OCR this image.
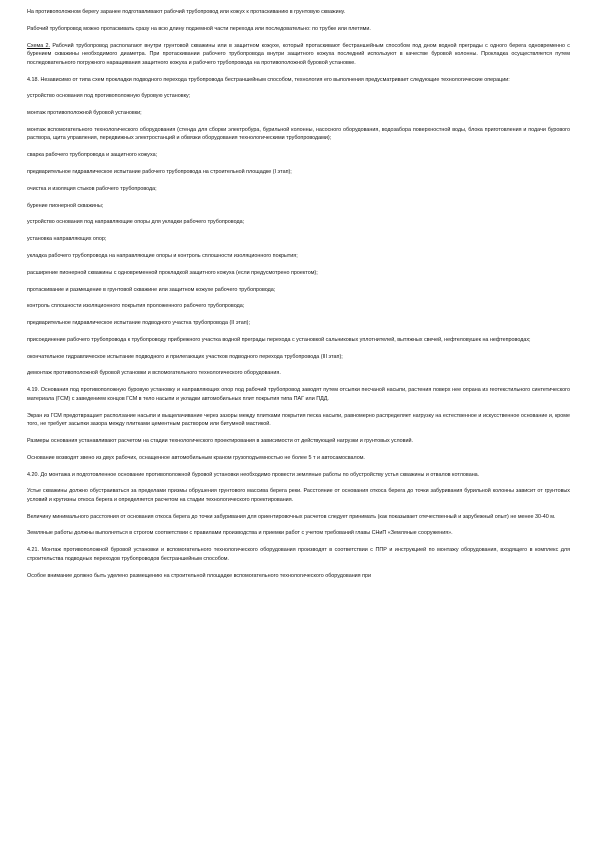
На противоположном берегу заранее подготавливают рабочий трубопровод или кожух к протаскиванию в грунтовую скважину.

Рабочий трубопровод можно протаскивать сразу на всю длину подземной части перехода или последовательно: по трубке или плетями.

Схема 2. Рабочий трубопровод располагают внутри грунтовой скважины или в защитном кожухе, который протаскивают бестраншейным способом под дном водной преграды с одного берега одновременно с бурением скважины необходимого диаметра. При протаскивании рабочего трубопровода внутри защитного кожуха последний используют в качестве буровой колонны. Прокладка осуществляется путем последовательного погружного наращивания защитного кожуха и рабочего трубопровода на противоположной буровой установке.

4.18. Независимо от типа схем прокладки подводного перехода трубопровода бестраншейным способом, технология его выполнения предусматривает следующие технологические операции:

устройство основания под противоположную буровую установку;

монтаж противоположной буровой установки;

монтаж вспомогательного технологического оборудования (стенда для сборки электробура, бурильной колонны, насосного оборудования, водозабора поверхностной воды, блока приготовления и подачи бурового раствора, щита управления, передвижных электростанций и обвязки оборудования технологическими трубопроводами);

сварка рабочего трубопровода и защитного кожуха;

предварительное гидравлическое испытание рабочего трубопровода на строительной площадке (I этап);

очистка и изоляция стыков рабочего трубопровода;

бурение пионерной скважины;

устройство основания под направляющие опоры для укладки рабочего трубопровода;

установка направляющих опор;

укладка рабочего трубопровода на направляющие опоры и контроль сплошности изоляционного покрытия;

расширение пионерной скважины с одновременной прокладкой защитного кожуха (если предусмотрено проектом);

протаскивание и размещение в грунтовой скважине или защитном кожухе рабочего трубопровода;

контроль сплошности изоляционного покрытия проложенного рабочего трубопровода;

предварительное гидравлическое испытание подводного участка трубопровода (II этап);

присоединение рабочего трубопровода к трубопроводу прибрежного участка водной преграды перехода с установкой сальниковых уплотнителей, вытяжных свечей, нефтеловушек на нефтепроводах;

окончательное гидравлическое испытание подводного и прилегающих участков подводного перехода трубопровода (III этап);

демонтаж противоположной буровой установки и вспомогательного технологического оборудования.

4.19. Основания под противоположную буровую установку и направляющих опор под рабочий трубопровод заводят путем отсыпки песчаной насыпи, растения поверх нее опрана из геотекстильного синтетического материала (ГСМ) с заведением концов ГСМ в тело насыпи и укладки автомобильных плит покрытия типа ПАГ или ПДД.

Экран из ГСМ предотвращает расползание насыпи и выщелачивание через зазоры между плитками покрытия песка насыпи, равномерно распределяет нагрузку на естественное и искусственное основание и, кроме того, не требует засыпки зазора между плитками цементным раствором или битумной мастикой.

Размеры основания устанавливают расчетом на стадии технологического проектирования в зависимости от действующей нагрузки и грунтовых условий.

Основание возводят звено из двух рабочих, оснащенное автомобильным краном грузоподъемностью не более 5 т и автосамосвалом.

4.20. До монтажа и подготовленное основание противоположной буровой установки необходимо провести земляные работы по обустройству устья скважины и отвалов котлована.

Устье скважины должно обустраиваться за пределами призмы обрушения грунтового массива берега реки. Расстояние от основания откоса берега до точки забуривания бурильной колонны зависит от грунтовых условий и крутизны откоса берега и определяется расчетом на стадии технологического проектирования.

Величину минимального расстояния от основания откоса берега до точки забуривания для ориентировочных расчетов следует принимать (как показывает отечественный и зарубежный опыт) не менее 30-40 м.

Земляные работы должны выполняться в строгом соответствии с правилами производства и приемки работ с учетом требований главы СНиП «Земляные сооружения».

4.21. Монтаж противоположной буровой установки и вспомогательного технологического оборудования производят в соответствии с ППР и инструкцией по монтажу оборудования, входящего в комплекс для строительства подводных переходов трубопроводов бестраншейным способом.

Особое внимание должно быть уделено размещению на строительной площадке вспомогательного технологического оборудования при
